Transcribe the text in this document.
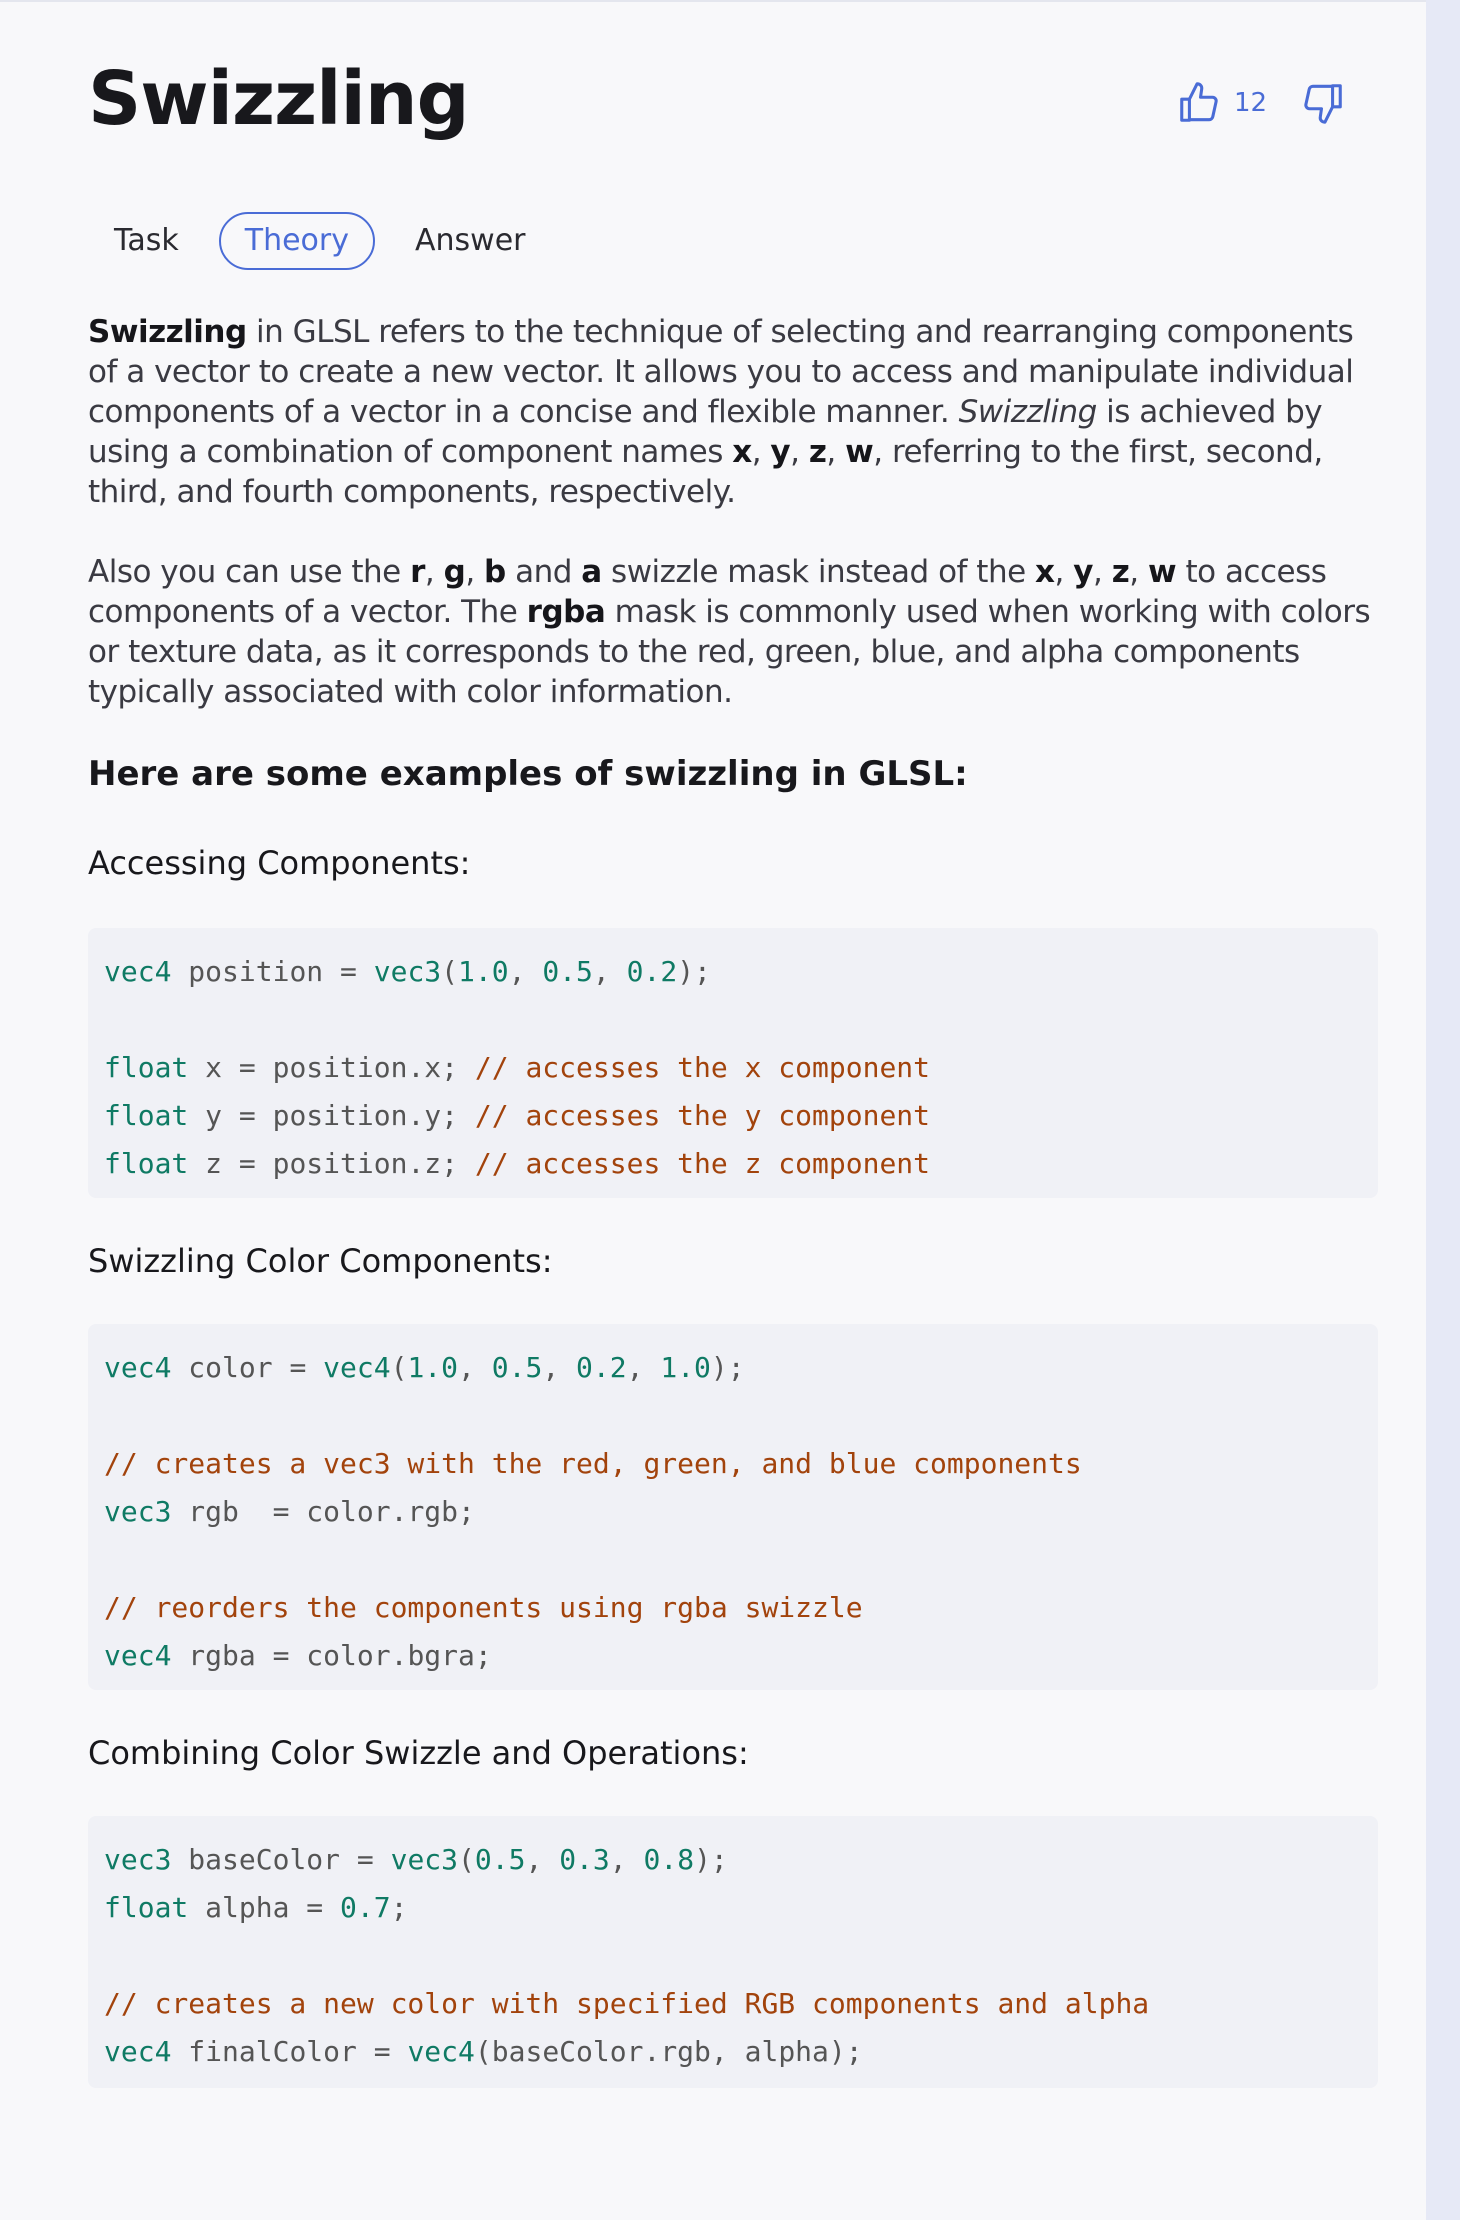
Swizzling	12
Task	Theory	Answer

Swizzling in GLSL refers to the technique of selecting and rearranging components of a vector to create a new vector. It allows you to access and manipulate individual components of a vector in a concise and flexible manner. Swizzling is achieved by using a combination of component names x, y, z, w, referring to the first, second, third, and fourth components, respectively.

Also you can use the r, g, b and a swizzle mask instead of the x, y, z, w to access components of a vector. The rgba mask is commonly used when working with colors or texture data, as it corresponds to the red, green, blue, and alpha components typically associated with color information.

Here are some examples of swizzling in GLSL:
Accessing Components:
vec4 position = vec3(1.0, 0.5, 0.2);
float x = position.x; // accesses the x component
float y = position.y; // accesses the y component
float z = position.z; // accesses the z component
Swizzling Color Components:
vec4 color = vec4(1.0, 0.5, 0.2, 1.0);
// creates a vec3 with the red, green, and blue components
vec3 rgb  = color.rgb;
// reorders the components using rgba swizzle
vec4 rgba = color.bgra;
Combining Color Swizzle and Operations:
vec3 baseColor = vec3(0.5, 0.3, 0.8);
float alpha = 0.7;
// creates a new color with specified RGB components and alpha
vec4 finalColor = vec4(baseColor.rgb, alpha);
